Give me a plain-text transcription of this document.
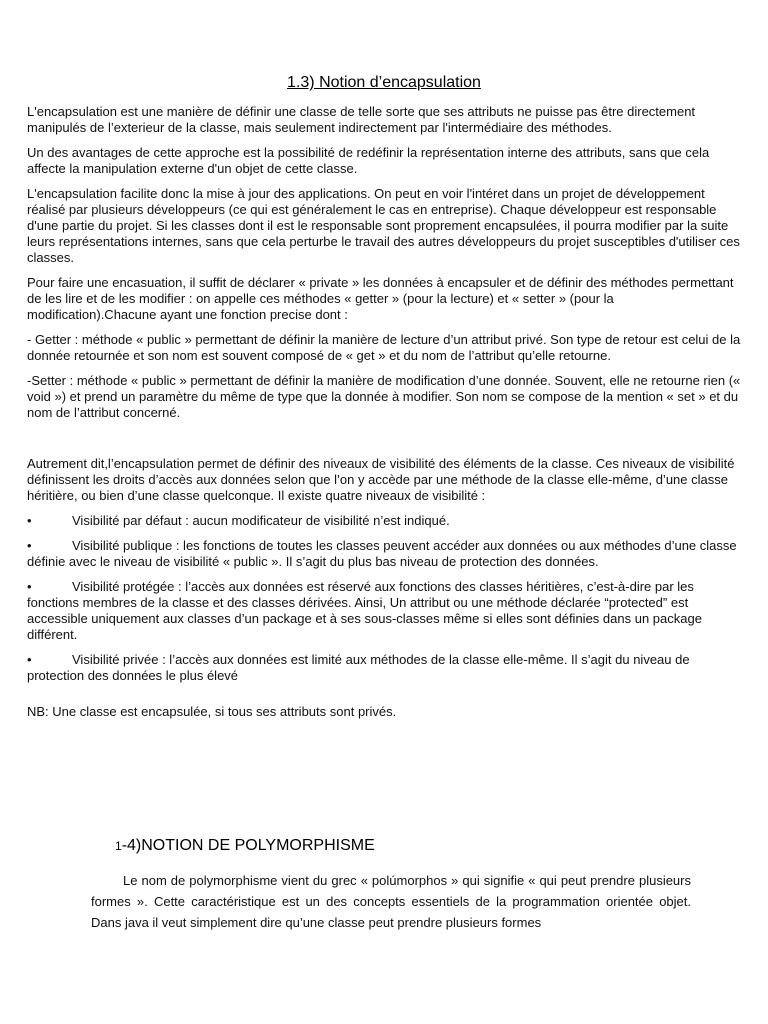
1.3) Notion d’encapsulation

L'encapsulation est une manière de définir une classe de telle sorte que ses attributs ne puisse pas être directement manipulés de l’exterieur de la classe, mais seulement indirectement par l'intermédiaire des méthodes.

Un des avantages de cette approche est la possibilité de redéfinir la représentation interne des attributs, sans que cela affecte la manipulation externe d'un objet de cette classe.

L'encapsulation facilite donc la mise à jour des applications. On peut en voir l'intéret dans un projet de développement réalisé par plusieurs développeurs (ce qui est généralement le cas en entreprise). Chaque développeur est responsable d'une partie du projet. Si les classes dont il est le responsable sont proprement encapsulées, il pourra modifier par la suite leurs représentations internes, sans que cela perturbe le travail des autres développeurs du projet susceptibles d'utiliser ces classes.

Pour faire une encasuation, il suffit de déclarer « private » les données à encapsuler et de définir des méthodes permettant de les lire et de les modifier : on appelle ces méthodes « getter » (pour la lecture) et « setter » (pour la modification).Chacune ayant une fonction precise dont :

- Getter : méthode « public » permettant de définir la manière de lecture d’un attribut privé. Son type de retour est celui de la donnée retournée et son nom est souvent composé de « get » et du nom de l’attribut qu’elle retourne.

-Setter : méthode « public » permettant de définir la manière de modification d’une donnée. Souvent, elle ne retourne rien (« void ») et prend un paramètre du même de type que la donnée à modifier. Son nom se compose de la mention « set » et du nom de l’attribut concerné.

Autrement dit,l’encapsulation permet de définir des niveaux de visibilité des éléments de la classe. Ces niveaux de visibilité définissent les droits d’accès aux données selon que l’on y accède par une méthode de la classe elle-même, d’une classe héritière, ou bien d’une classe quelconque. Il existe quatre niveaux de visibilité :

•	Visibilité par défaut : aucun modificateur de visibilité n’est indiqué.

•	Visibilité publique : les fonctions de toutes les classes peuvent accéder aux données ou aux méthodes d’une classe définie avec le niveau de visibilité « public ». Il s’agit du plus bas niveau de protection des données.

•	Visibilité protégée : l’accès aux données est réservé aux fonctions des classes héritières, c’est-à-dire par les fonctions membres de la classe et des classes dérivées. Ainsi, Un attribut ou une méthode déclarée “protected” est accessible uniquement aux classes d’un package et à ses sous-classes même si elles sont définies dans un package différent.

•	Visibilité privée : l’accès aux données est limité aux méthodes de la classe elle-même. Il s’agit du niveau de protection des données le plus élevé

NB: Une classe est encapsulée, si tous ses attributs sont privés.

1-4)NOTION DE POLYMORPHISME

Le nom de polymorphisme vient du grec « polúmorphos » qui signifie « qui peut prendre plusieurs formes ». Cette caractéristique est un des concepts essentiels de la programmation orientée objet. Dans java il veut simplement dire qu’une classe peut prendre plusieurs formes
